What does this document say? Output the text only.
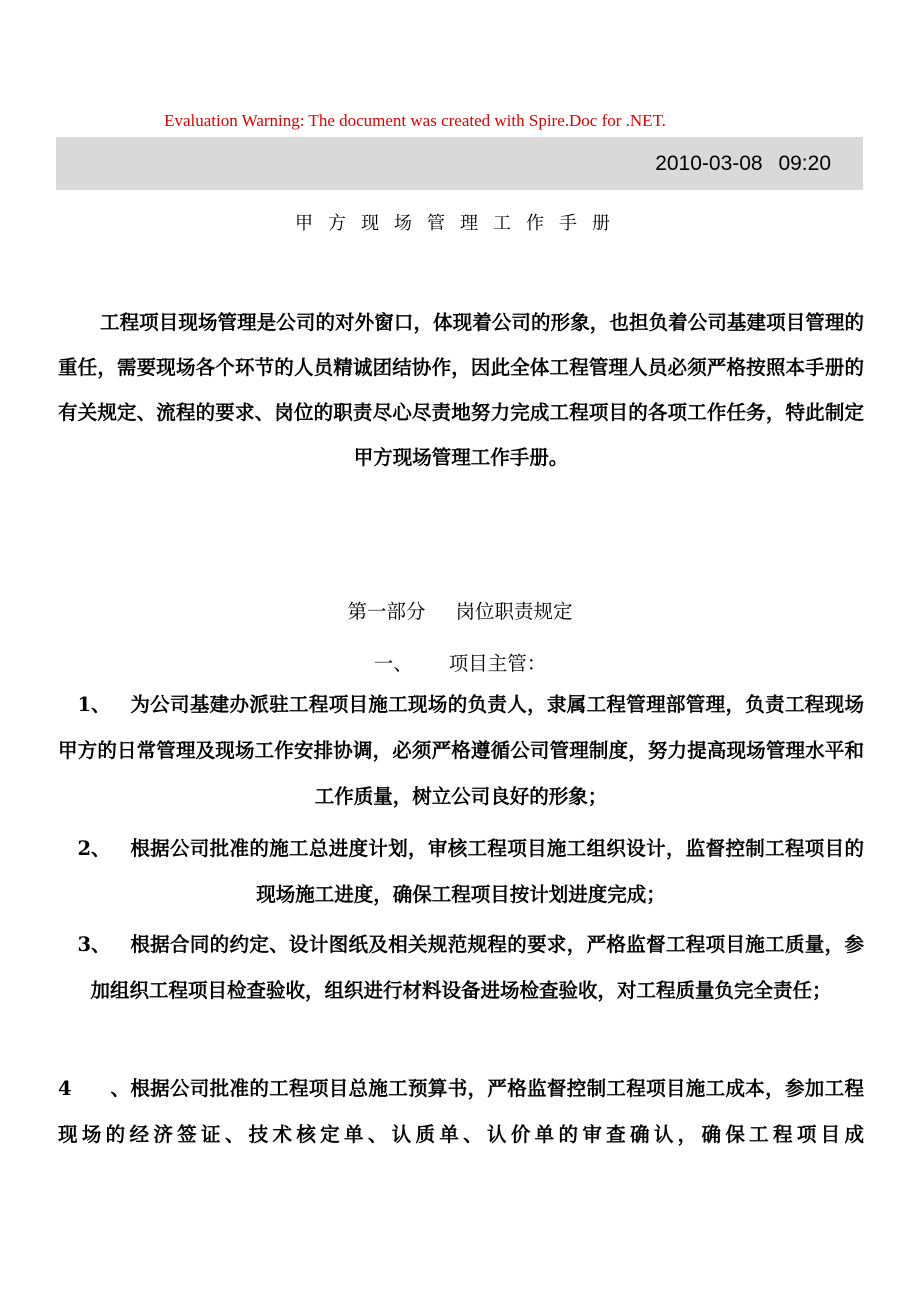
Evaluation Warning: The document was created with Spire.Doc for .NET.
2010-03-08 09:20
甲方现场管理工作手册
工程项目现场管理是公司的对外窗口，体现着公司的形象，也担负着公司基建项目管理的重任，需要现场各个环节的人员精诚团结协作，因此全体工程管理人员必须严格按照本手册的有关规定、流程的要求、岗位的职责尽心尽责地努力完成工程项目的各项工作任务，特此制定甲方现场管理工作手册。
第一部分 岗位职责规定
一、 项目主管：
1、 为公司基建办派驻工程项目施工现场的负责人，隶属工程管理部管理，负责工程现场甲方的日常管理及现场工作安排协调，必须严格遵循公司管理制度，努力提高现场管理水平和工作质量，树立公司良好的形象；
2、 根据公司批准的施工总进度计划，审核工程项目施工组织设计，监督控制工程项目的现场施工进度，确保工程项目按计划进度完成；
3、 根据合同的约定、设计图纸及相关规范规程的要求，严格监督工程项目施工质量，参加组织工程项目检查验收，组织进行材料设备进场检查验收，对工程质量负完全责任；
4、根据公司批准的工程项目总施工预算书，严格监督控制工程项目施工成本，参加工程现场的经济签证、技术核定单、认质单、认价单的审查确认，确保工程项目成
